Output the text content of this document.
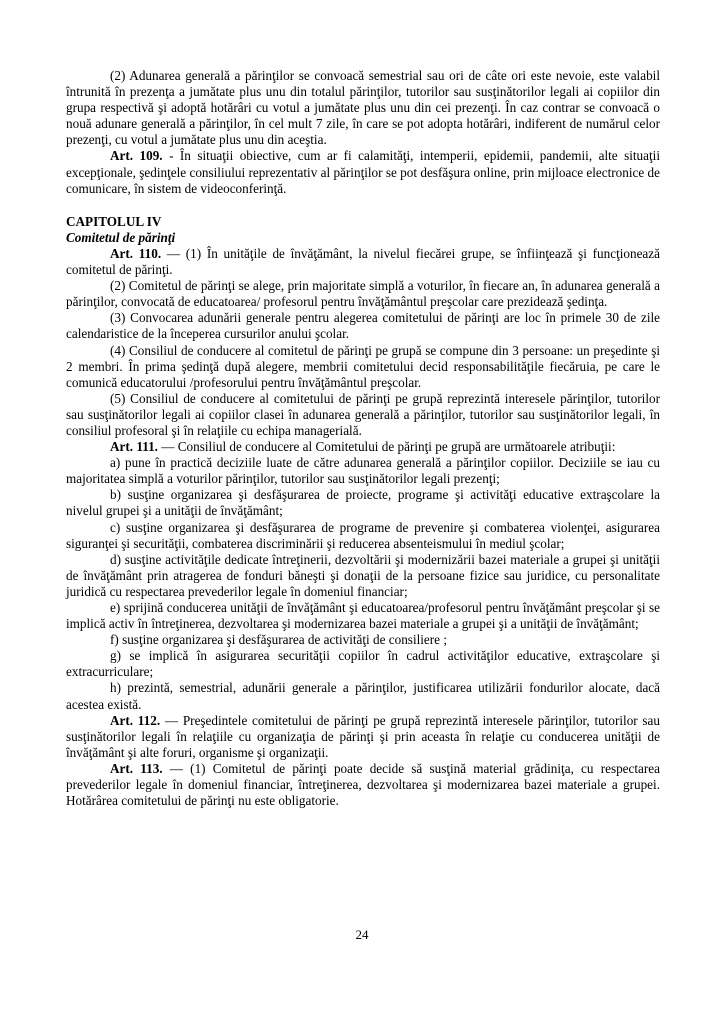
(2) Adunarea generală a părinţilor se convoacă semestrial sau ori de câte ori este nevoie, este valabil întrunită în prezenţa a jumătate plus unu din totalul părinţilor, tutorilor sau susţinătorilor legali ai copiilor din grupa respectivă şi adoptă hotărâri cu votul a jumătate plus unu din cei prezenţi. În caz contrar se convoacă o nouă adunare generală a părinţilor, în cel mult 7 zile, în care se pot adopta hotărâri, indiferent de numărul celor prezenţi, cu votul a jumătate plus unu din aceştia.

Art. 109. - În situaţii obiective, cum ar fi calamităţi, intemperii, epidemii, pandemii, alte situaţii excepţionale, şedinţele consiliului reprezentativ al părinţilor se pot desfăşura online, prin mijloace electronice de comunicare, în sistem de videoconferinţă.

CAPITOLUL IV
Comitetul de părinţi

Art. 110. — (1) În unităţile de învăţământ, la nivelul fiecărei grupe, se înfiinţează şi funcţionează comitetul de părinţi.

(2) Comitetul de părinţi se alege, prin majoritate simplă a voturilor, în fiecare an, în adunarea generală a părinţilor, convocată de educatoarea/ profesorul pentru învăţământul preşcolar care prezidează şedinţa.

(3) Convocarea adunării generale pentru alegerea comitetului de părinţi are loc în primele 30 de zile calendaristice de la începerea cursurilor anului şcolar.

(4) Consiliul de conducere al comitetul de părinţi pe grupă se compune din 3 persoane: un preşedinte şi 2 membri. În prima şedinţă după alegere, membrii comitetului decid responsabilităţile fiecăruia, pe care le comunică educatorului /profesorului pentru învăţământul preşcolar.

(5) Consiliul de conducere al comitetului de părinţi pe grupă reprezintă interesele părinţilor, tutorilor sau susţinătorilor legali ai copiilor clasei în adunarea generală a părinţilor, tutorilor sau susţinătorilor legali, în consiliul profesoral şi în relaţiile cu echipa managerială.

Art. 111. — Consiliul de conducere al Comitetului de părinţi pe grupă are următoarele atribuţii:

a) pune în practică deciziile luate de către adunarea generală a părinţilor copiilor. Deciziile se iau cu majoritatea simplă a voturilor părinţilor, tutorilor sau susţinătorilor legali prezenţi;

b) susţine organizarea şi desfăşurarea de proiecte, programe şi activităţi educative extraşcolare la nivelul grupei şi a unităţii de învăţământ;

c) susţine organizarea şi desfăşurarea de programe de prevenire şi combaterea violenţei, asigurarea siguranţei şi securităţii, combaterea discriminării şi reducerea absenteismului în mediul şcolar;

d) susţine activităţile dedicate întreţinerii, dezvoltării şi modernizării bazei materiale a grupei şi unităţii de învăţământ prin atragerea de fonduri băneşti şi donaţii de la persoane fizice sau juridice, cu personalitate juridică cu respectarea prevederilor legale în domeniul financiar;

e) sprijină conducerea unităţii de învăţământ şi educatoarea/profesorul pentru învăţământ preşcolar şi se implică activ în întreţinerea, dezvoltarea şi modernizarea bazei materiale a grupei şi a unităţii de învăţământ;

f) susţine organizarea şi desfăşurarea de activităţi de consiliere ;

g) se implică în asigurarea securităţii copiilor în cadrul activităţilor educative, extraşcolare şi extracurriculare;

h) prezintă, semestrial, adunării generale a părinţilor, justificarea utilizării fondurilor alocate, dacă acestea există.

Art. 112. — Preşedintele comitetului de părinţi pe grupă reprezintă interesele părinţilor, tutorilor sau susţinătorilor legali în relaţiile cu organizaţia de părinţi şi prin aceasta în relaţie cu conducerea unităţii de învăţământ şi alte foruri, organisme şi organizaţii.

Art. 113. — (1) Comitetul de părinţi poate decide să susţină material grădiniţa, cu respectarea prevederilor legale în domeniul financiar, întreţinerea, dezvoltarea şi modernizarea bazei materiale a grupei. Hotărârea comitetului de părinţi nu este obligatorie.

24
